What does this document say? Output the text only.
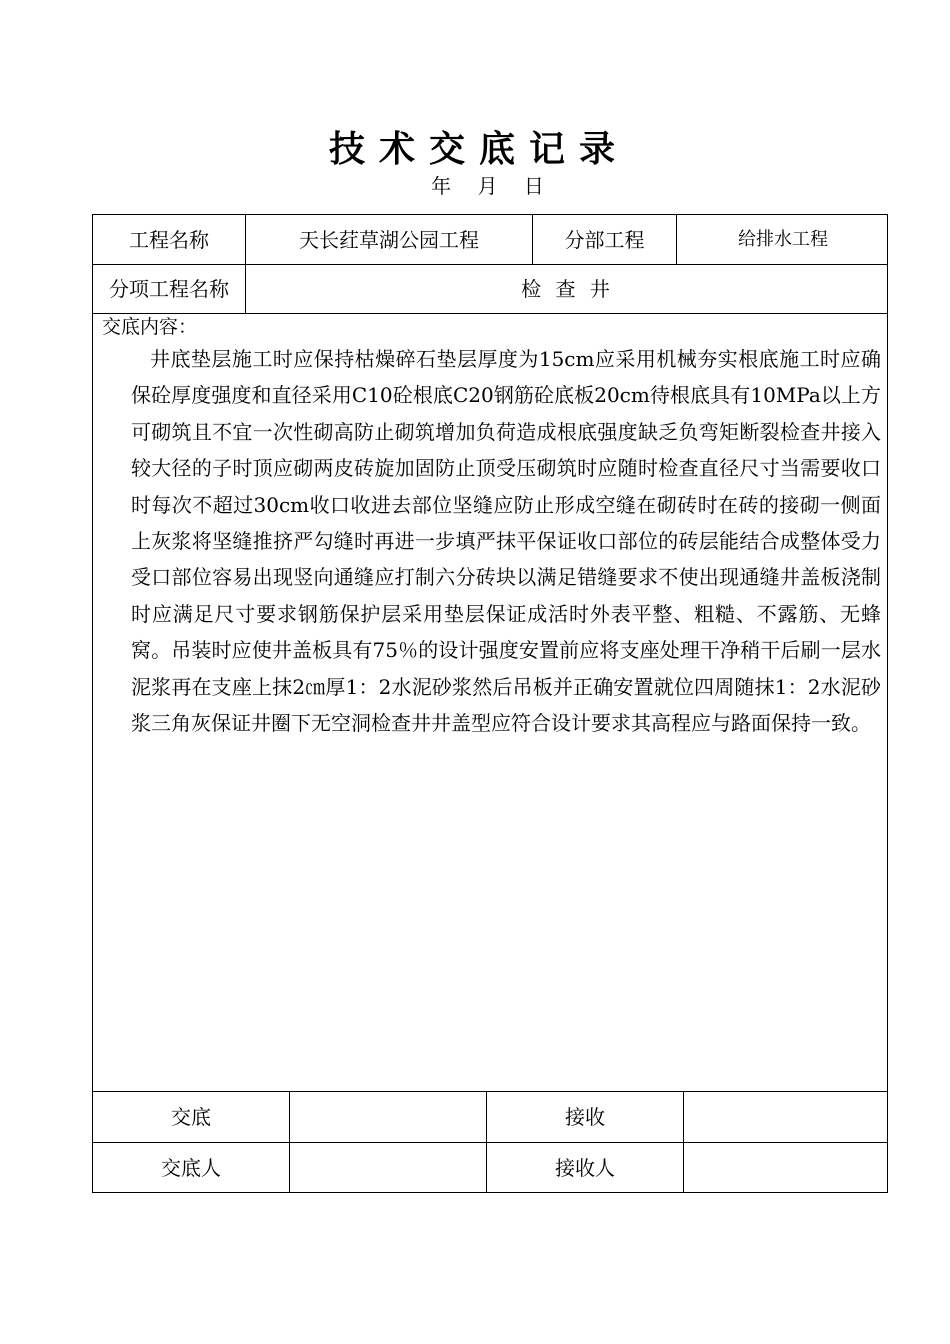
技术交底记录
年 月 日
工程名称	天长荭草湖公园工程	分部工程	给排水工程
分项工程名称	检 查 井
交底内容：
井底垫层施工时应保持枯燥碎石垫层厚度为15cm应采用机械夯实根底施工时应确保砼厚度强度和直径采用C10砼根底C20钢筋砼底板20cm待根底具有10MPa以上方可砌筑且不宜一次性砌高防止砌筑增加负荷造成根底强度缺乏负弯矩断裂检查井接入较大径的子时顶应砌两皮砖旋加固防止顶受压砌筑时应随时检查直径尺寸当需要收口时每次不超过30cm收口收进去部位坚缝应防止形成空缝在砌砖时在砖的接砌一侧面上灰浆将坚缝推挤严勾缝时再进一步填严抹平保证收口部位的砖层能结合成整体受力受口部位容易出现竖向通缝应打制六分砖块以满足错缝要求不使出现通缝井盖板浇制时应满足尺寸要求钢筋保护层采用垫层保证成活时外表平整、粗糙、不露筋、无蜂窝。吊装时应使井盖板具有75％的设计强度安置前应将支座处理干净稍干后刷一层水泥浆再在支座上抹2㎝厚1：2水泥砂浆然后吊板并正确安置就位四周随抹1：2水泥砂浆三角灰保证井圈下无空洞检查井井盖型应符合设计要求其高程应与路面保持一致。
交底	接收
交底人	接收人
